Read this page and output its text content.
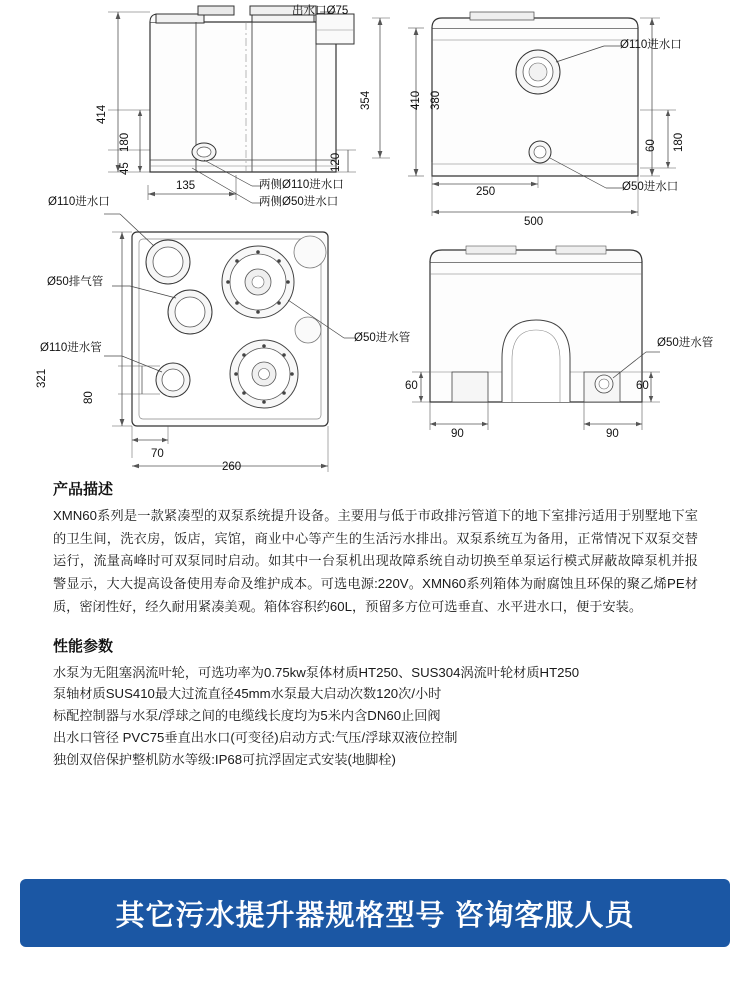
出水口Ø75
414
180
45
135
354
120
两侧Ø110进水口
两侧Ø50进水口
Ø110进水口
Ø110进水口
Ø50进水口
410 380
180
60
250
500
Ø50排气管
Ø110进水管
Ø50进水管	Ø50进水管
321
80
70
260
60	60
90	90
产品描述

XMN60系列是一款紧凑型的双泵系统提升设备。主要用与低于市政排污管道下的地下室排污适用于别墅地下室的卫生间，洗衣房，饭店，宾馆，商业中心等产生的生活污水排出。双泵系统互为备用，正常情况下双泵交替运行，流量高峰时可双泵同时启动。如其中一台泵机出现故障系统自动切换至单泵运行模式屏蔽故障泵机并报警显示，大大提高设备使用寿命及维护成本。可选电源:220V。XMN60系列箱体为耐腐蚀且环保的聚乙烯PE材质，密闭性好，经久耐用紧凑美观。箱体容积约60L，预留多方位可选垂直、水平进水口，便于安装。

性能参数
水泵为无阻塞涡流叶轮，可选功率为0.75kw泵体材质HT250、SUS304涡流叶轮材质HT250
泵轴材质SUS410最大过流直径45mm水泵最大启动次数120次/小时
标配控制器与水泵/浮球之间的电缆线长度均为5米内含DN60止回阀
出水口管径 PVC75垂直出水口(可变径)启动方式:气压/浮球双液位控制
独创双倍保护整机防水等级:IP68可抗浮固定式安装(地脚栓)
其它污水提升器规格型号 咨询客服人员
